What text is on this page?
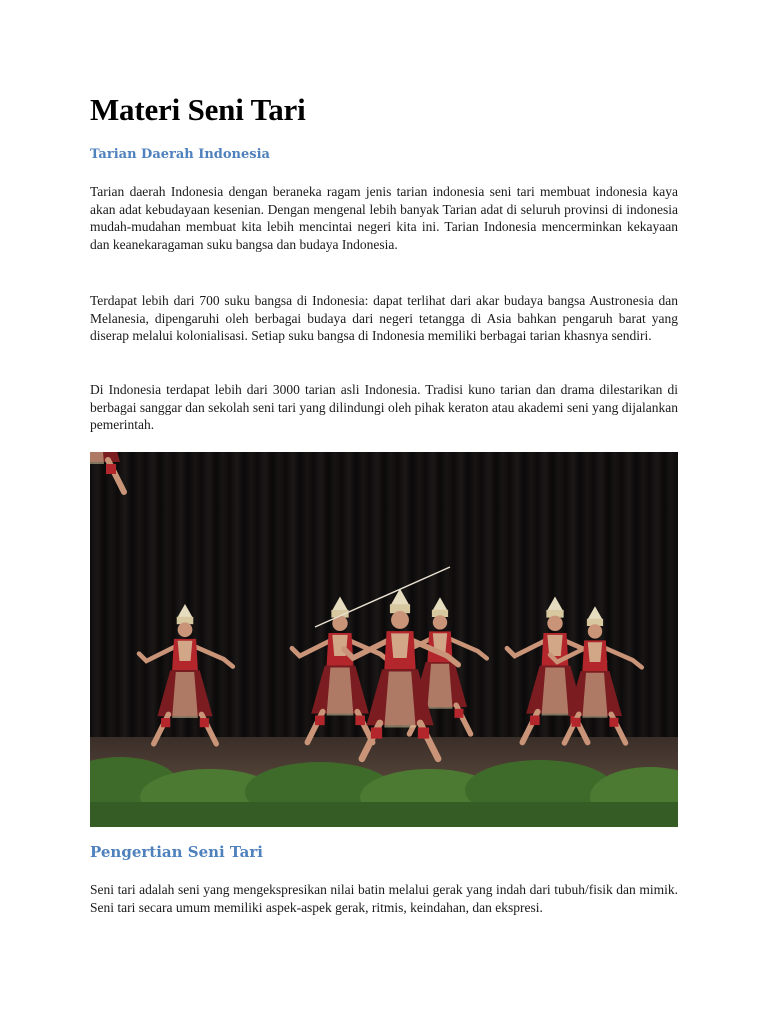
Materi Seni Tari
Tarian Daerah Indonesia

Tarian daerah Indonesia dengan beraneka ragam jenis tarian indonesia seni tari membuat indonesia kaya akan adat kebudayaan kesenian. Dengan mengenal lebih banyak Tarian adat di seluruh provinsi di indonesia mudah-mudahan membuat kita lebih mencintai negeri kita ini. Tarian Indonesia mencerminkan kekayaan dan keanekaragaman suku bangsa dan budaya Indonesia.

Terdapat lebih dari 700 suku bangsa di Indonesia: dapat terlihat dari akar budaya bangsa Austronesia dan Melanesia, dipengaruhi oleh berbagai budaya dari negeri tetangga di Asia bahkan pengaruh barat yang diserap melalui kolonialisasi. Setiap suku bangsa di Indonesia memiliki berbagai tarian khasnya sendiri.

Di Indonesia terdapat lebih dari 3000 tarian asli Indonesia. Tradisi kuno tarian dan drama dilestarikan di berbagai sanggar dan sekolah seni tari yang dilindungi oleh pihak keraton atau akademi seni yang dijalankan pemerintah.

Pengertian Seni Tari

Seni tari adalah seni yang mengekspresikan nilai batin melalui gerak yang indah dari tubuh/fisik dan mimik. Seni tari secara umum memiliki aspek-aspek gerak, ritmis, keindahan, dan ekspresi.
